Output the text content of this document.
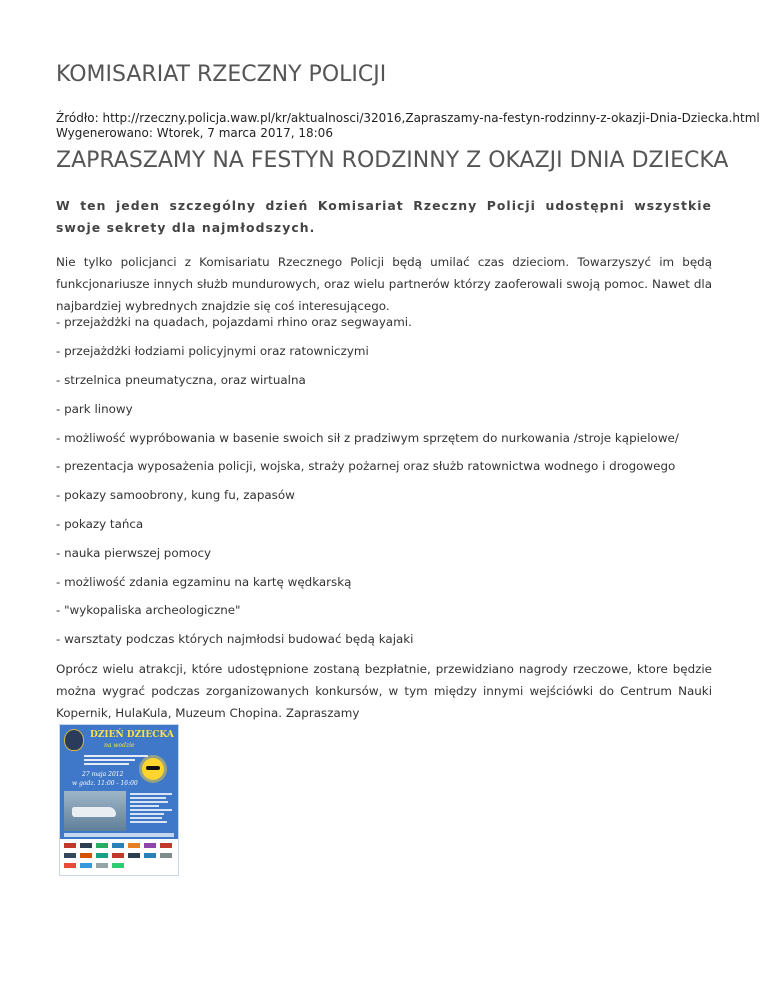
KOMISARIAT RZECZNY POLICJI
Źródło: http://rzeczny.policja.waw.pl/kr/aktualnosci/32016,Zapraszamy-na-festyn-rodzinny-z-okazji-Dnia-Dziecka.html
Wygenerowano: Wtorek, 7 marca 2017, 18:06
ZAPRASZAMY NA FESTYN RODZINNY Z OKAZJI DNIA DZIECKA

W ten jeden szczególny dzień Komisariat Rzeczny Policji udostępni wszystkie swoje sekrety dla najmłodszych.

Nie tylko policjanci z Komisariatu Rzecznego Policji będą umilać czas dzieciom. Towarzyszyć im będą funkcjonariusze innych służb mundurowych, oraz wielu partnerów którzy zaoferowali swoją pomoc. Nawet dla najbardziej wybrednych znajdzie się coś interesującego.

- przejażdżki na quadach, pojazdami rhino oraz segwayami.

- przejażdżki łodziami policyjnymi oraz ratowniczymi

- strzelnica pneumatyczna, oraz wirtualna

- park linowy

- możliwość wypróbowania w basenie swoich sił z pradziwym sprzętem do nurkowania /stroje kąpielowe/

- prezentacja wyposażenia policji, wojska, straży pożarnej oraz służb ratownictwa wodnego i drogowego

- pokazy samoobrony, kung fu, zapasów

- pokazy tańca

- nauka pierwszej pomocy

- możliwość zdania egzaminu na kartę wędkarską

- "wykopaliska archeologiczne"

- warsztaty podczas których najmłodsi budować będą kajaki

Oprócz wielu atrakcji, które udostępnione zostaną bezpłatnie, przewidziano nagrody rzeczowe, ktore będzie można wygrać podczas zorganizowanych konkursów, w tym między innymi wejściówki do Centrum Nauki Kopernik, HulaKula, Muzeum Chopina. Zapraszamy

DZIEŃ DZIECKA
na wodzie
27 maja 2012
w godz. 11:00 - 16:00
